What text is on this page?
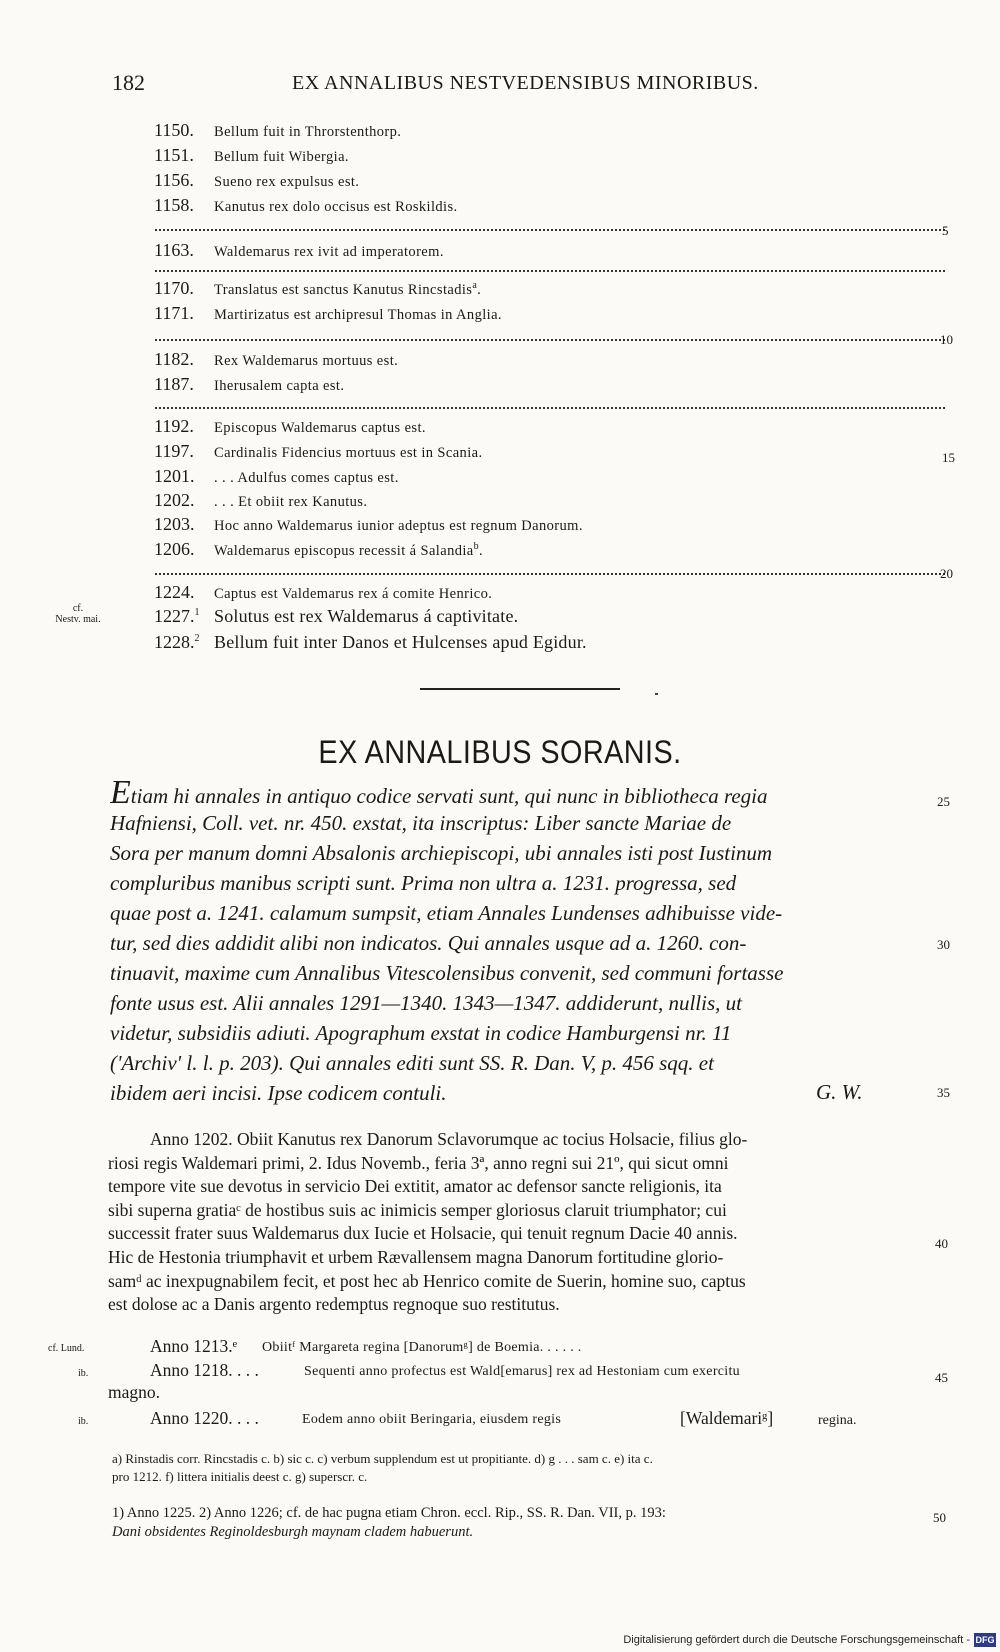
182	EX ANNALIBUS NESTVEDENSIBUS MINORIBUS.
1150. Bellum fuit in Throrstenthorp.
1151. Bellum fuit Wibergia.
1156. Sueno rex expulsus est.
1158. Kanutus rex dolo occisus est Roskildis.
5
1163. Waldemarus rex ivit ad imperatorem.
1170. Translatus est sanctus Kanutus Rincstadis$^a$.
1171. Martirizatus est archipresul Thomas in Anglia.
10
1182. Rex Waldemarus mortuus est.
1187. Iherusalem capta est.
1192. Episcopus Waldemarus captus est.
1197. Cardinalis Fidencius mortuus est in Scania.	15
1201. . . . Adulfus comes captus est.
1202. . . . Et obiit rex Kanutus.
1203. Hoc anno Waldemarus iunior adeptus est regnum Danorum.
1206. Waldemarus episcopus recessit á Salandia$^b$.
20
1224. Captus est Valdemarus rex á comite Henrico.
cf.
Nestv. mai.	1227.$^1$ Solutus est rex Waldemarus á captivitate.
1228.$^2$ Bellum fuit inter Danos et Hulcenses apud Egidur.
EX ANNALIBUS SORANIS.
Etiam hi annales in antiquo codice servati sunt, qui nunc in bibliotheca regia
Hafniensi, Coll. vet. nr. 450. exstat, ita inscriptus: Liber sancte Mariae de
Sora per manum domni Absalonis archiepiscopi, ubi annales isti post Iustinum
compluribus manibus scripti sunt. Prima non ultra a. 1231. progressa, sed
quae post a. 1241. calamum sumpsit, etiam Annales Lundenses adhibuisse vide-
tur, sed dies addidit alibi non indicatos. Qui annales usque ad a. 1260. con-
tinuavit, maxime cum Annalibus Vitescolensibus convenit, sed communi fortasse
fonte usus est. Alii annales 1291—1340. 1343—1347. addiderunt, nullis, ut
videtur, subsidiis adiuti. Apographum exstat in codice Hamburgensi nr. 11
('Archiv' l. l. p. 203). Qui annales editi sunt SS. R. Dan. V, p. 456 sqq. et
ibidem aeri incisi. Ipse codicem contuli.	G. W.
25
30
35
Anno 1202. Obiit Kanutus rex Danorum Sclavorumque ac tocius Holsacie, filius glo-
riosi regis Waldemari primi, 2. Idus Novemb., feria 3ª, anno regni sui 21º, qui sicut omni
tempore vite sue devotus in servicio Dei extitit, amator ac defensor sancte religionis, ita
sibi superna gratiaᶜ de hostibus suis ac inimicis semper gloriosus claruit triumphator; cui
successit frater suus Waldemarus dux Iucie et Holsacie, qui tenuit regnum Dacie 40 annis.
Hic de Hestonia triumphavit et urbem Rævallensem magna Danorum fortitudine glorio-
samᵈ ac inexpugnabilem fecit, et post hec ab Henrico comite de Suerin, homine suo, captus
est dolose ac a Danis argento redemptus regnoque suo restitutus.
40
cf. Lund.	Anno 1213.ᵉ Obiitᶠ Margareta regina [Danorumᵍ] de Boemia. . . . . .
ib.	Anno 1218. . . .	Sequenti anno profectus est Wald[emarus] rex ad Hestoniam cum exercitu
magno.
45
ib.	Anno 1220. . . .	Eodem anno obiit Beringaria, eiusdem regis	[Waldemariᵍ]	regina.
a) Rinstadis corr. Rincstadis c. b) sic c. c) verbum supplendum est ut propitiante. d) g . . . sam c. e) ita c.
pro 1212. f) littera initialis deest c. g) superscr. c.
1) Anno 1225. 2) Anno 1226; cf. de hac pugna etiam Chron. eccl. Rip., SS. R. Dan. VII, p. 193:
Dani obsidentes Reginoldesburgh maynam cladem habuerunt.
50
Digitalisierung gefördert durch die Deutsche Forschungsgemeinschaft - DFG
